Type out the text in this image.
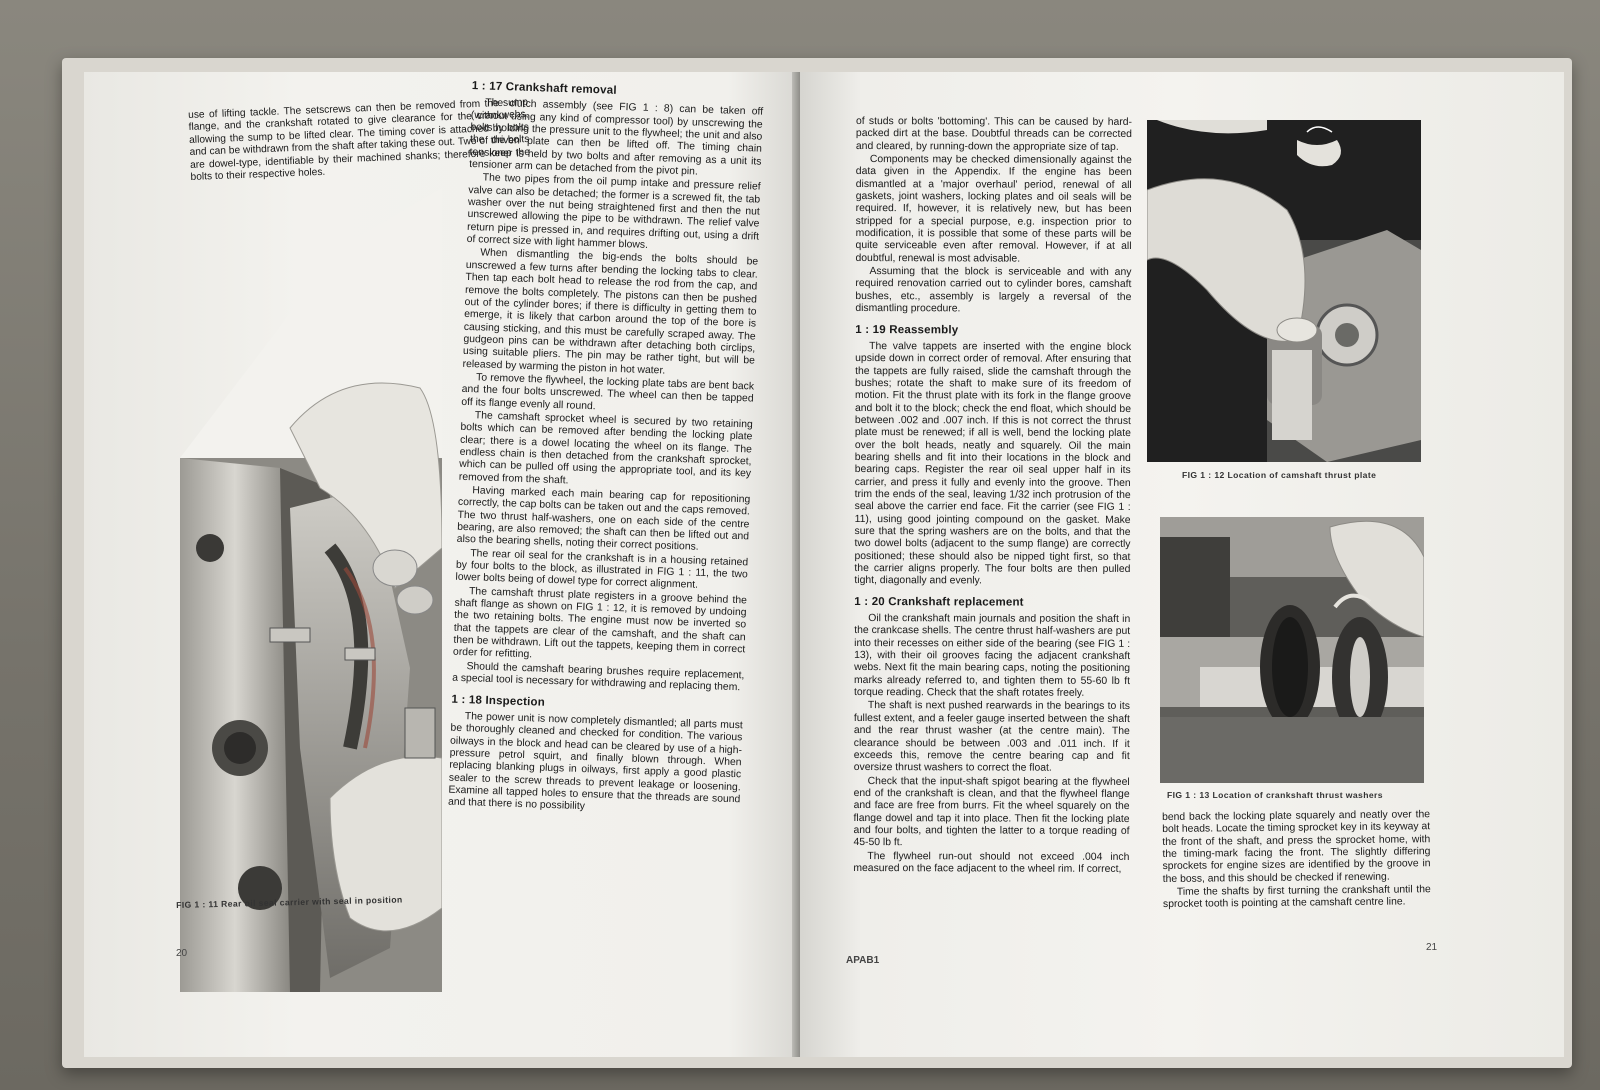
use of lifting tackle. The setscrews can then be removed from the sump flange, and the crankshaft rotated to give clearance for the crankwebs, allowing the sump to be lifted clear. The timing cover is attached by bolts and can be withdrawn from the shaft after taking these out. Two of the bolts are dowel-type, identifiable by their machined shanks; therefore keep the bolts to their respective holes.

FIG 1 : 11 Rear oil seal carrier with seal in position
1 : 17 Crankshaft removal

The clutch assembly (see FIG 1 : 8) can be taken off (without using any kind of compressor tool) by unscrewing the bolts holding the pressure unit to the flywheel; the unit and also the driven plate can then be lifted off. The timing chain tensioner is held by two bolts and after removing as a unit its tensioner arm can be detached from the pivot pin.

The two pipes from the oil pump intake and pressure relief valve can also be detached; the former is a screwed fit, the tab washer over the nut being straightened first and then the nut unscrewed allowing the pipe to be withdrawn. The relief valve return pipe is pressed in, and requires drifting out, using a drift of correct size with light hammer blows.

When dismantling the big-ends the bolts should be unscrewed a few turns after bending the locking tabs to clear. Then tap each bolt head to release the rod from the cap, and remove the bolts completely. The pistons can then be pushed out of the cylinder bores; if there is difficulty in getting them to emerge, it is likely that carbon around the top of the bore is causing sticking, and this must be carefully scraped away. The gudgeon pins can be withdrawn after detaching both circlips, using suitable pliers. The pin may be rather tight, but will be released by warming the piston in hot water.

To remove the flywheel, the locking plate tabs are bent back and the four bolts unscrewed. The wheel can then be tapped off its flange evenly all round.

The camshaft sprocket wheel is secured by two retaining bolts which can be removed after bending the locking plate clear; there is a dowel locating the wheel on its flange. The endless chain is then detached from the crankshaft sprocket, which can be pulled off using the appropriate tool, and its key removed from the shaft.

Having marked each main bearing cap for repositioning correctly, the cap bolts can be taken out and the caps removed. The two thrust half-washers, one on each side of the centre bearing, are also removed; the shaft can then be lifted out and also the bearing shells, noting their correct positions.

The rear oil seal for the crankshaft is in a housing retained by four bolts to the block, as illustrated in FIG 1 : 11, the two lower bolts being of dowel type for correct alignment.

The camshaft thrust plate registers in a groove behind the shaft flange as shown on FIG 1 : 12, it is removed by undoing the two retaining bolts. The engine must now be inverted so that the tappets are clear of the camshaft, and the shaft can then be withdrawn. Lift out the tappets, keeping them in correct order for refitting.

Should the camshaft bearing brushes require replacement, a special tool is necessary for withdrawing and replacing them.

1 : 18 Inspection

The power unit is now completely dismantled; all parts must be thoroughly cleaned and checked for condition. The various oilways in the block and head can be cleared by use of a high-pressure petrol squirt, and finally blown through. When replacing blanking plugs in oilways, first apply a good plastic sealer to the screw threads to prevent leakage or loosening. Examine all tapped holes to ensure that the threads are sound and that there is no possibility

20

of studs or bolts 'bottoming'. This can be caused by hard-packed dirt at the base. Doubtful threads can be corrected and cleared, by running-down the appropriate size of tap.

Components may be checked dimensionally against the data given in the Appendix. If the engine has been dismantled at a 'major overhaul' period, renewal of all gaskets, joint washers, locking plates and oil seals will be required. If, however, it is relatively new, but has been stripped for a special purpose, e.g. inspection prior to modification, it is possible that some of these parts will be quite serviceable even after removal. However, if at all doubtful, renewal is most advisable.

Assuming that the block is serviceable and with any required renovation carried out to cylinder bores, camshaft bushes, etc., assembly is largely a reversal of the dismantling procedure.

1 : 19 Reassembly

The valve tappets are inserted with the engine block upside down in correct order of removal. After ensuring that the tappets are fully raised, slide the camshaft through the bushes; rotate the shaft to make sure of its freedom of motion. Fit the thrust plate with its fork in the flange groove and bolt it to the block; check the end float, which should be between .002 and .007 inch. If this is not correct the thrust plate must be renewed; if all is well, bend the locking plate over the bolt heads, neatly and squarely. Oil the main bearing shells and fit into their locations in the block and bearing caps. Register the rear oil seal upper half in its carrier, and press it fully and evenly into the groove. Then trim the ends of the seal, leaving 1/32 inch protrusion of the seal above the carrier end face. Fit the carrier (see FIG 1 : 11), using good jointing compound on the gasket. Make sure that the spring washers are on the bolts, and that the two dowel bolts (adjacent to the sump flange) are correctly positioned; these should also be nipped tight first, so that the carrier aligns properly. The four bolts are then pulled tight, diagonally and evenly.

1 : 20 Crankshaft replacement

Oil the crankshaft main journals and position the shaft in the crankcase shells. The centre thrust half-washers are put into their recesses on either side of the bearing (see FIG 1 : 13), with their oil grooves facing the adjacent crankshaft webs. Next fit the main bearing caps, noting the positioning marks already referred to, and tighten them to 55-60 lb ft torque reading. Check that the shaft rotates freely.

The shaft is next pushed rearwards in the bearings to its fullest extent, and a feeler gauge inserted between the shaft and the rear thrust washer (at the centre main). The clearance should be between .003 and .011 inch. If it exceeds this, remove the centre bearing cap and fit oversize thrust washers to correct the float.

Check that the input-shaft spigot bearing at the flywheel end of the crankshaft is clean, and that the flywheel flange and face are free from burrs. Fit the wheel squarely on the flange dowel and tap it into place. Then fit the locking plate and four bolts, and tighten the latter to a torque reading of 45-50 lb ft.

The flywheel run-out should not exceed .004 inch measured on the face adjacent to the wheel rim. If correct,

FIG 1 : 12 Location of camshaft thrust plate
FIG 1 : 13 Location of crankshaft thrust washers

bend back the locking plate squarely and neatly over the bolt heads. Locate the timing sprocket key in its keyway at the front of the shaft, and press the sprocket home, with the timing-mark facing the front. The slightly differing sprockets for engine sizes are identified by the groove in the boss, and this should be checked if renewing.

Time the shafts by first turning the crankshaft until the sprocket tooth is pointing at the camshaft centre line.

APAB1
21
